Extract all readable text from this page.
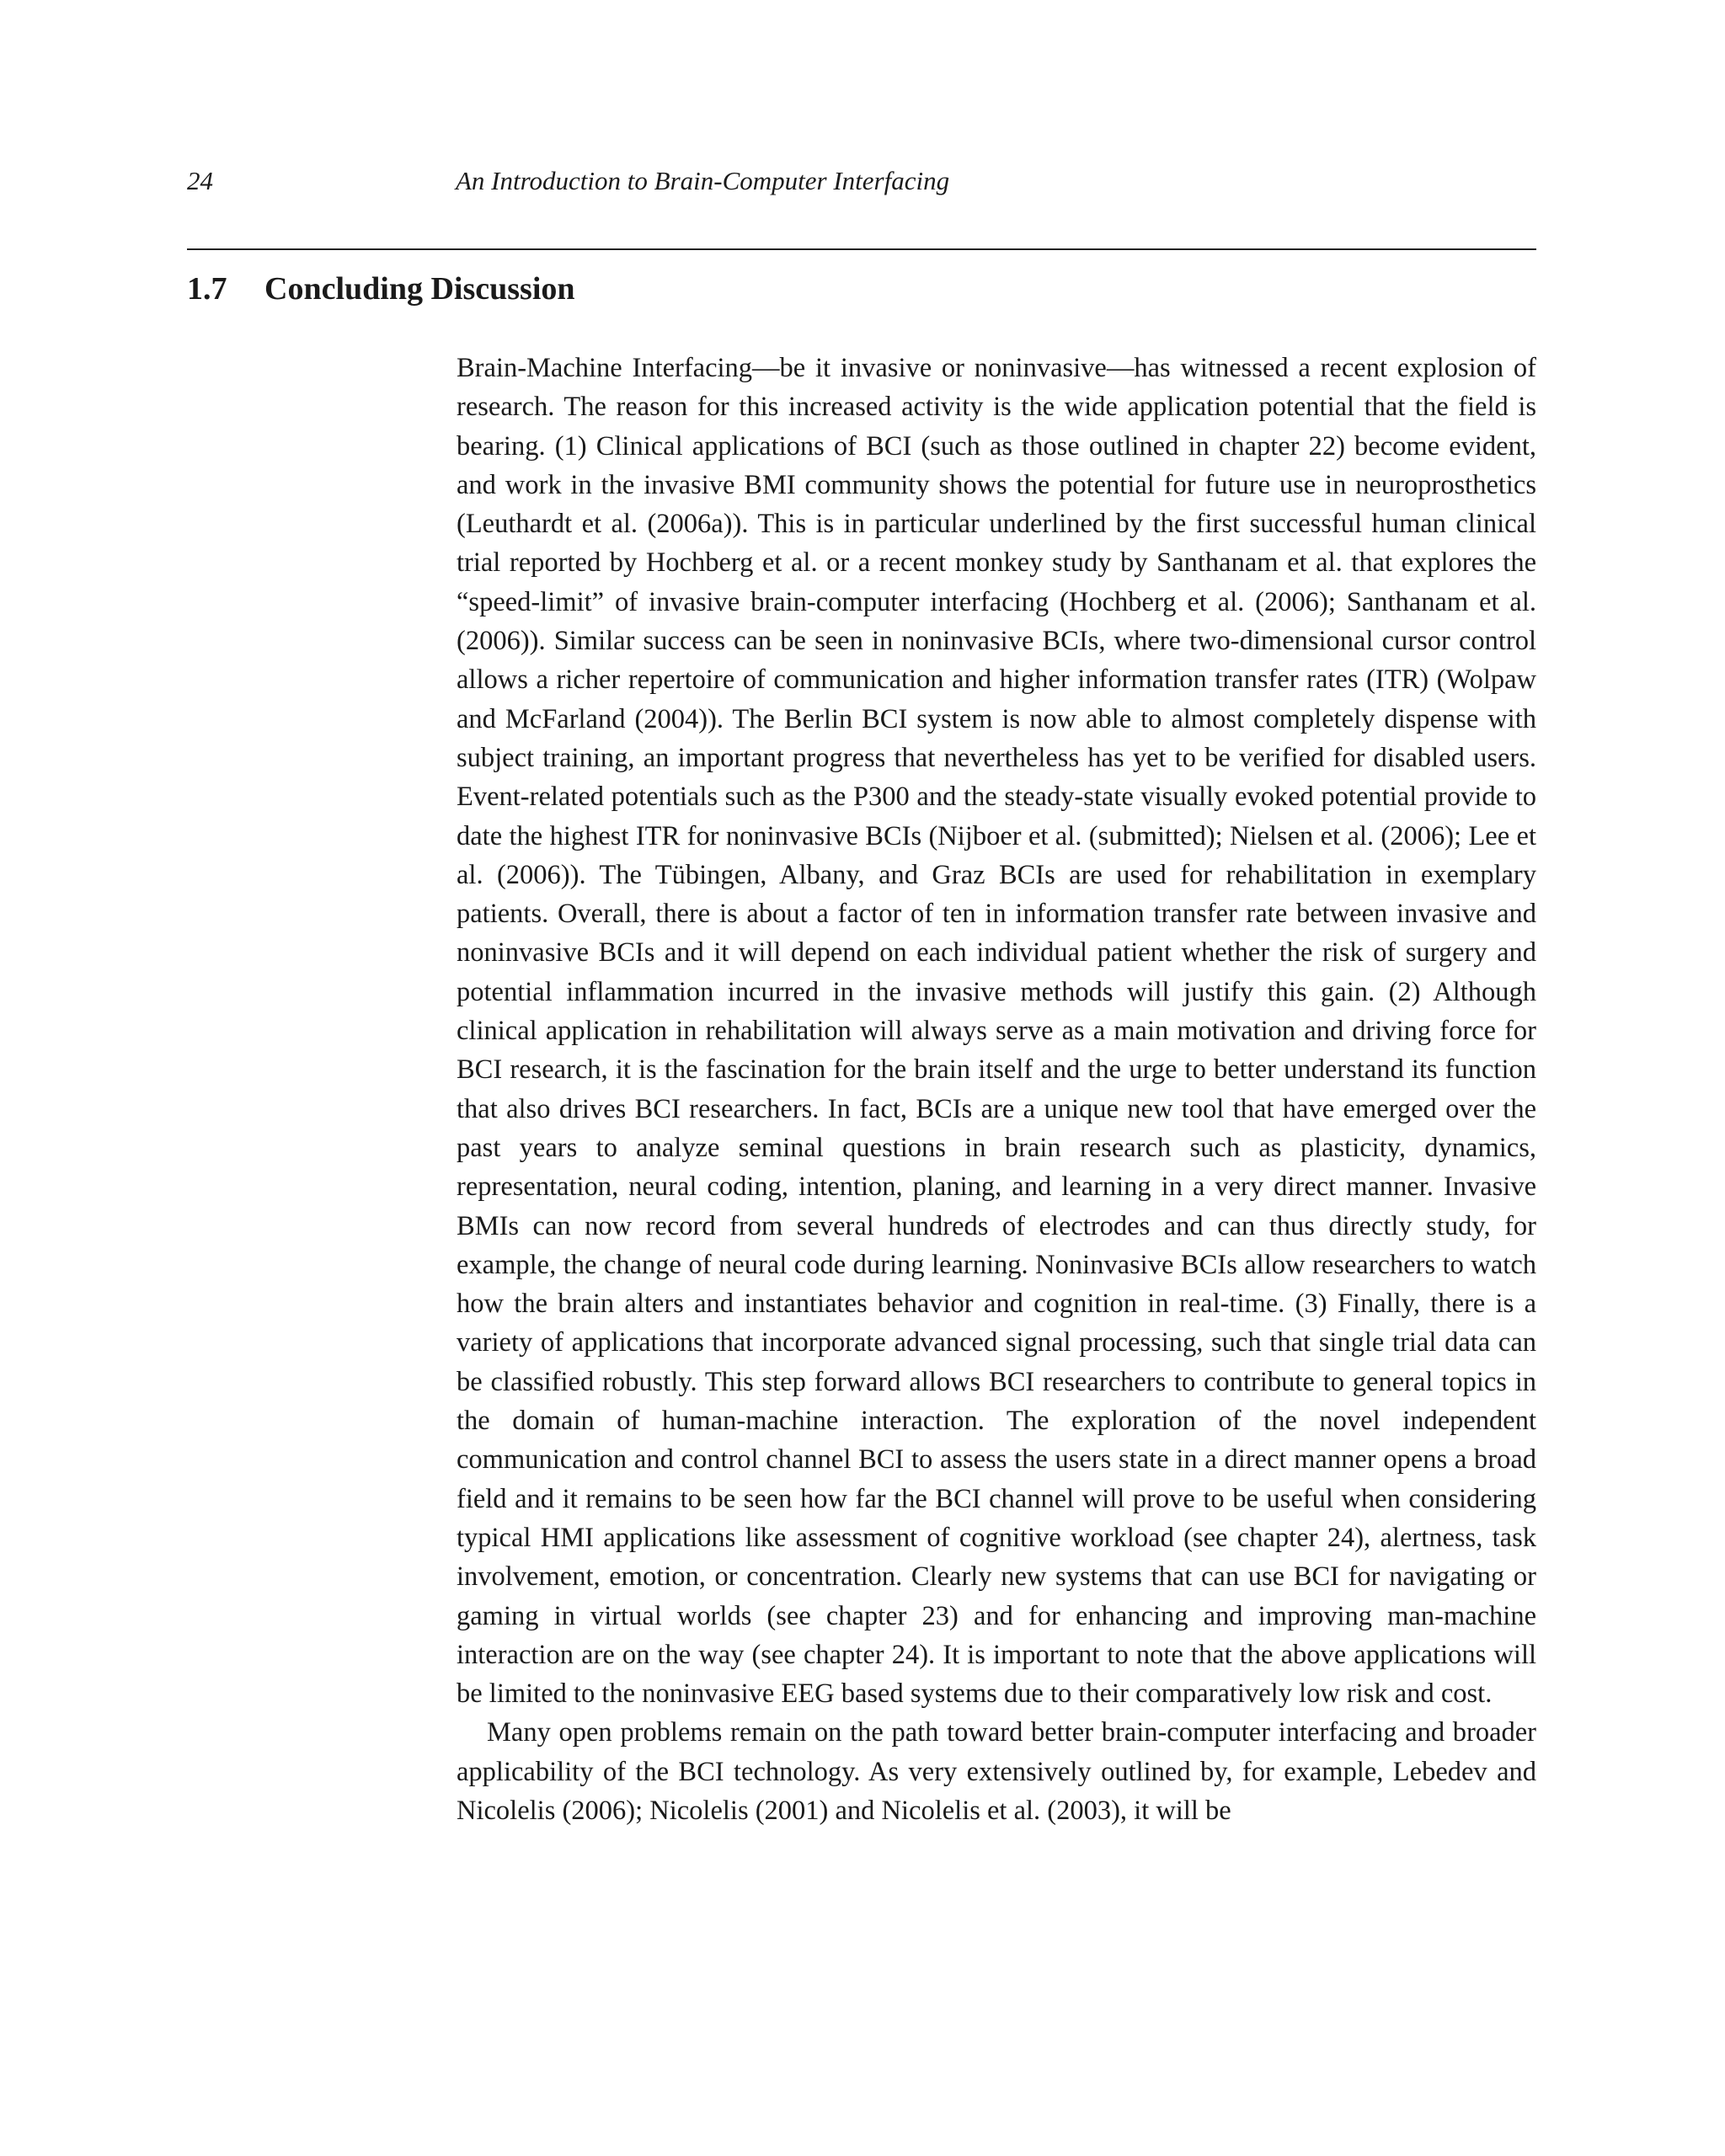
24	An Introduction to Brain-Computer Interfacing
1.7 Concluding Discussion

Brain-Machine Interfacing—be it invasive or noninvasive—has witnessed a recent explosion of research. The reason for this increased activity is the wide application potential that the field is bearing. (1) Clinical applications of BCI (such as those outlined in chapter 22) become evident, and work in the invasive BMI community shows the potential for future use in neuroprosthetics (Leuthardt et al. (2006a)). This is in particular underlined by the first successful human clinical trial reported by Hochberg et al. or a recent monkey study by Santhanam et al. that explores the “speed-limit” of invasive brain-computer interfacing (Hochberg et al. (2006); Santhanam et al. (2006)). Similar success can be seen in noninvasive BCIs, where two-dimensional cursor control allows a richer repertoire of communication and higher information transfer rates (ITR) (Wolpaw and McFarland (2004)). The Berlin BCI system is now able to almost completely dispense with subject training, an important progress that nevertheless has yet to be verified for disabled users. Event-related potentials such as the P300 and the steady-state visually evoked potential provide to date the highest ITR for noninvasive BCIs (Nijboer et al. (submitted); Nielsen et al. (2006); Lee et al. (2006)). The Tübingen, Albany, and Graz BCIs are used for rehabilitation in exemplary patients. Overall, there is about a factor of ten in information transfer rate between invasive and noninvasive BCIs and it will depend on each individual patient whether the risk of surgery and potential inflammation incurred in the invasive methods will justify this gain. (2) Although clinical application in rehabilitation will always serve as a main motivation and driving force for BCI research, it is the fascination for the brain itself and the urge to better understand its function that also drives BCI researchers. In fact, BCIs are a unique new tool that have emerged over the past years to analyze seminal questions in brain research such as plasticity, dynamics, representation, neural coding, intention, planing, and learning in a very direct manner. Invasive BMIs can now record from several hundreds of electrodes and can thus directly study, for example, the change of neural code during learning. Noninvasive BCIs allow researchers to watch how the brain alters and instantiates behavior and cognition in real-time. (3) Finally, there is a variety of applications that incorporate advanced signal processing, such that single trial data can be classified robustly. This step forward allows BCI researchers to contribute to general topics in the domain of human-machine interaction. The exploration of the novel independent communication and control channel BCI to assess the users state in a direct manner opens a broad field and it remains to be seen how far the BCI channel will prove to be useful when considering typical HMI applications like assessment of cognitive workload (see chapter 24), alertness, task involvement, emotion, or concentration. Clearly new systems that can use BCI for navigating or gaming in virtual worlds (see chapter 23) and for enhancing and improving man-machine interaction are on the way (see chapter 24). It is important to note that the above applications will be limited to the noninvasive EEG based systems due to their comparatively low risk and cost.

Many open problems remain on the path toward better brain-computer interfacing and broader applicability of the BCI technology. As very extensively outlined by, for example, Lebedev and Nicolelis (2006); Nicolelis (2001) and Nicolelis et al. (2003), it will be
